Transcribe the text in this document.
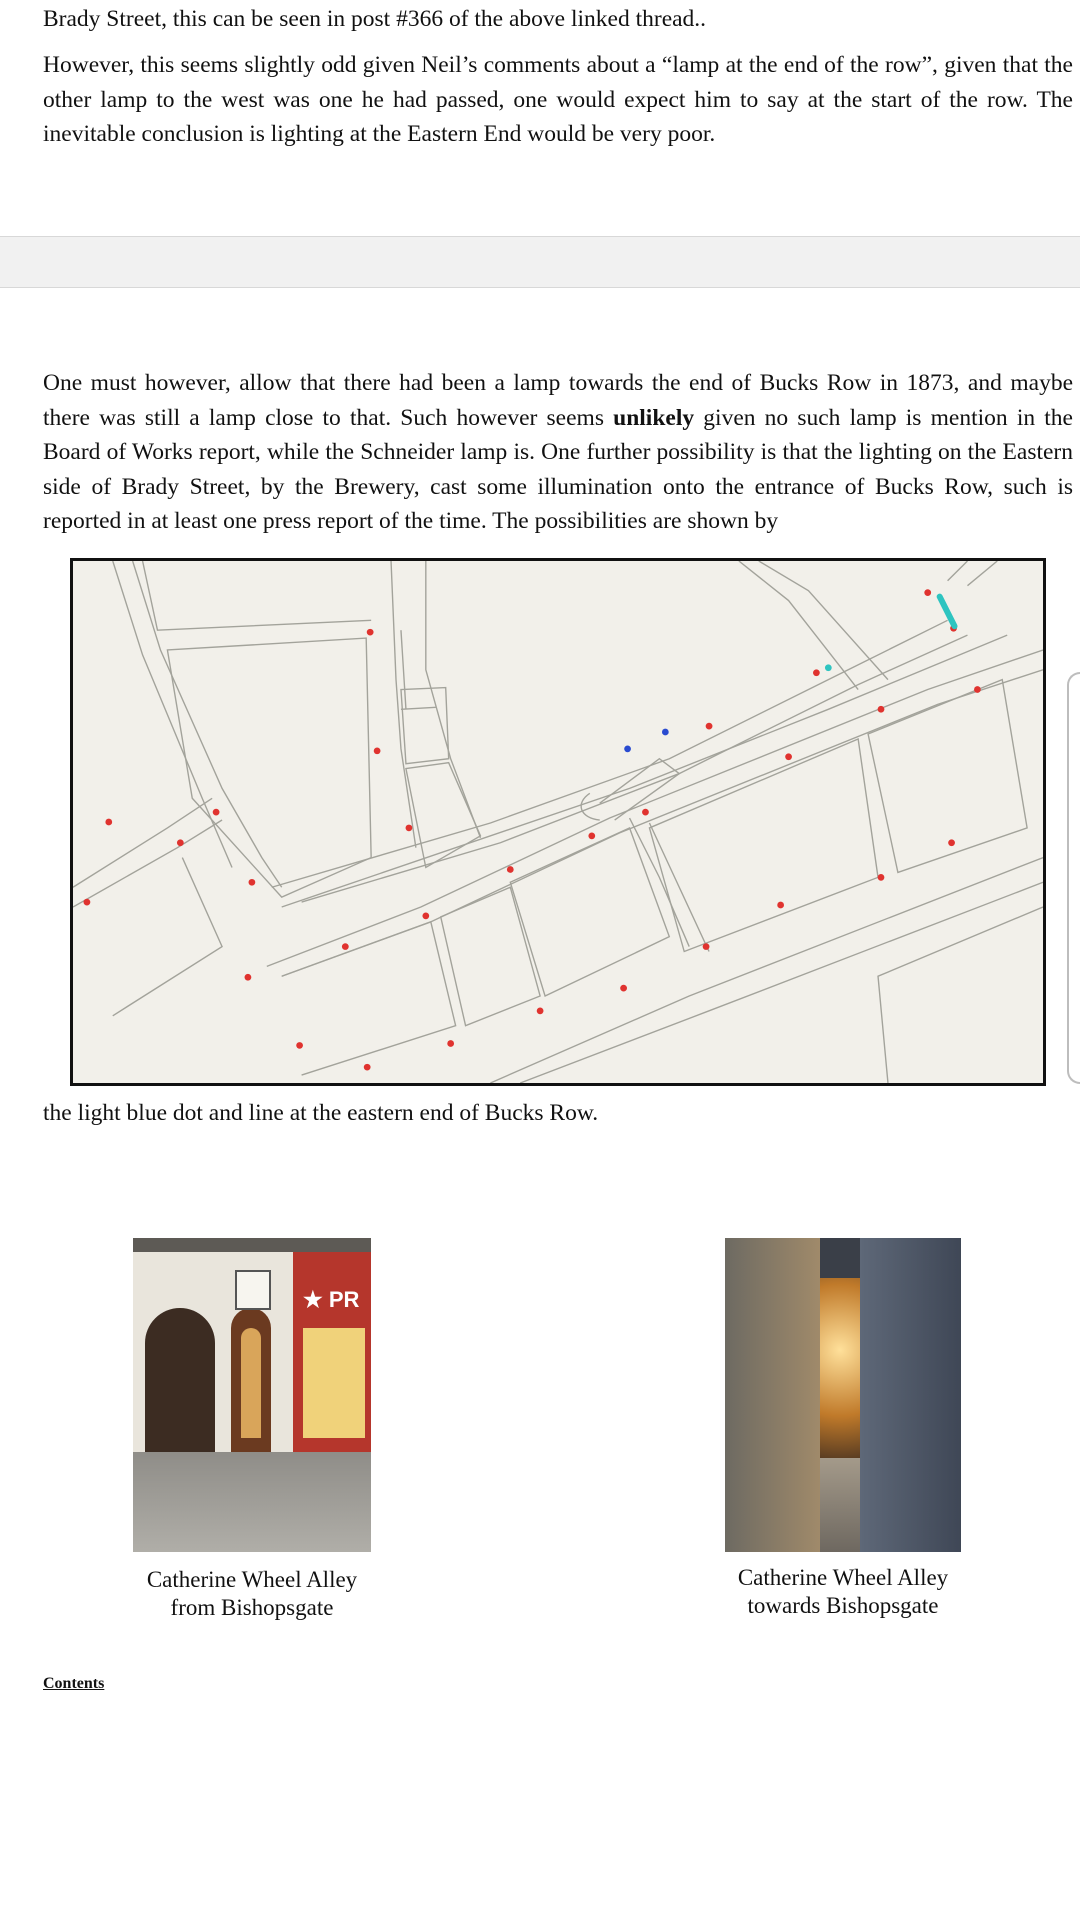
Brady Street, this can be seen in post #366 of the above linked thread..

However, this seems slightly odd given Neil’s comments about a “lamp at the end of the row”, given that the other lamp to the west was one he had passed, one would expect him to say at the start of the row. The inevitable conclusion is lighting at the Eastern End would be very poor.

One must however, allow that there had been a lamp towards the end of Bucks Row in 1873, and maybe there was still a lamp close to that. Such however seems unlikely given no such lamp is mention in the Board of Works report, while the Schneider lamp is. One further possibility is that the lighting on the Eastern side of Brady Street, by the Brewery, cast some illumination onto the entrance of Bucks Row, such is reported in at least one press report of the time. The possibilities are shown by

the light blue dot and line at the eastern end of Bucks Row.

★ PR
Catherine Wheel Alley
from Bishopsgate
Catherine Wheel Alley
towards Bishopsgate
Contents
